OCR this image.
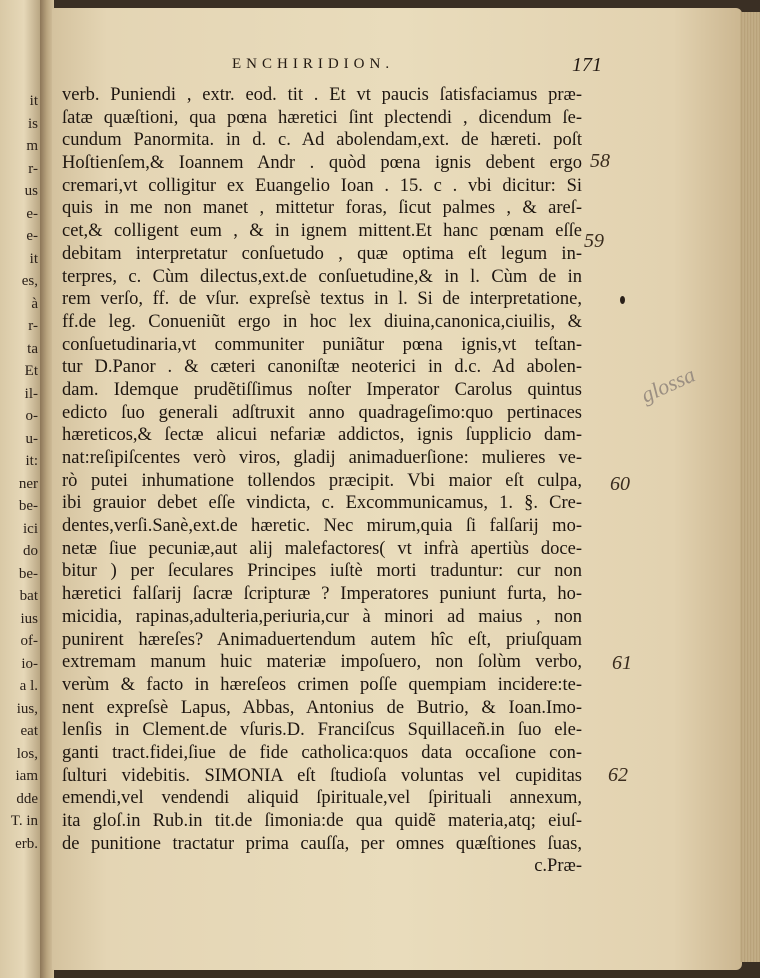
it
is
m
r-
us
e-
e-
it
es,
à
r-
ta
Et
il-
o-
u-
it:
ner
be-
ici
do
be-
bat
ius
of-
io-
a l.
ius,
eat
los,
iam
dde
T. in
erb.
ENCHIRIDION.	171
verb. Puniendi , extr. eod. tit . Et vt paucis ſatisfaciamus præ-
ſatæ quæſtioni, qua pœna hæretici ſint plectendi , dicendum ſe-
cundum Panormita. in d. c. Ad abolendam,ext. de hæreti. poſt
Hoſtienſem,& Ioannem Andr . quòd pœna ignis debent ergo
cremari,vt colligitur ex Euangelio Ioan . 15. c . vbi dicitur: Si
quis in me non manet , mittetur foras, ſicut palmes , & areſ-
cet,& colligent eum , & in ignem mittent.Et hanc pœnam eſſe
debitam interpretatur conſuetudo , quæ optima eſt legum in-
terpres, c. Cùm dilectus,ext.de conſuetudine,& in l. Cùm de in
rem verſo, ff. de vſur. expreſsè textus in l. Si de interpretatione,
ff.de leg. Conueniũt ergo in hoc lex diuina,canonica,ciuilis, &
conſuetudinaria,vt communiter puniãtur pœna ignis,vt teſtan-
tur D.Panor . & cæteri canoniſtæ neoterici in d.c. Ad abolen-
dam. Idemque prudẽtiſſimus noſter Imperator Carolus quintus
edicto ſuo generali adſtruxit anno quadrageſimo:quo pertinaces
hæreticos,& ſectæ alicui nefariæ addictos, ignis ſupplicio dam-
nat:reſipiſcentes verò viros, gladij animaduerſione: mulieres ve-
rò putei inhumatione tollendos præcipit. Vbi maior eſt culpa,
ibi grauior debet eſſe vindicta, c. Excommunicamus, 1. §. Cre-
dentes,verſi.Sanè,ext.de hæretic. Nec mirum,quia ſi falſarij mo-
netæ ſiue pecuniæ,aut alij malefactores( vt infrà apertiùs doce-
bitur ) per ſeculares Principes iuſtè morti traduntur: cur non
hæretici falſarij ſacræ ſcripturæ ? Imperatores puniunt furta, ho-
micidia, rapinas,adulteria,periuria,cur à minori ad maius , non
punirent hæreſes? Animaduertendum autem hîc eſt, priuſquam
extremam manum huic materiæ impoſuero, non ſolùm verbo,
verùm & facto in hæreſeos crimen poſſe quempiam incidere:te-
nent expreſsè Lapus, Abbas, Antonius de Butrio, & Ioan.Imo-
lenſis in Clement.de vſuris.D. Franciſcus Squillaceñ.in ſuo ele-
ganti tract.fidei,ſiue de fide catholica:quos data occaſione con-
ſulturi videbitis. SIMONIA eſt ſtudioſa voluntas vel cupiditas
emendi,vel vendendi aliquid ſpirituale,vel ſpirituali annexum,
ita gloſ.in Rub.in tit.de ſimonia:de qua quidẽ materia,atq; eiuſ-
de punitione tractatur prima cauſſa, per omnes quæſtiones ſuas,
c.Præ-
58
59
60
61
62
glossa
